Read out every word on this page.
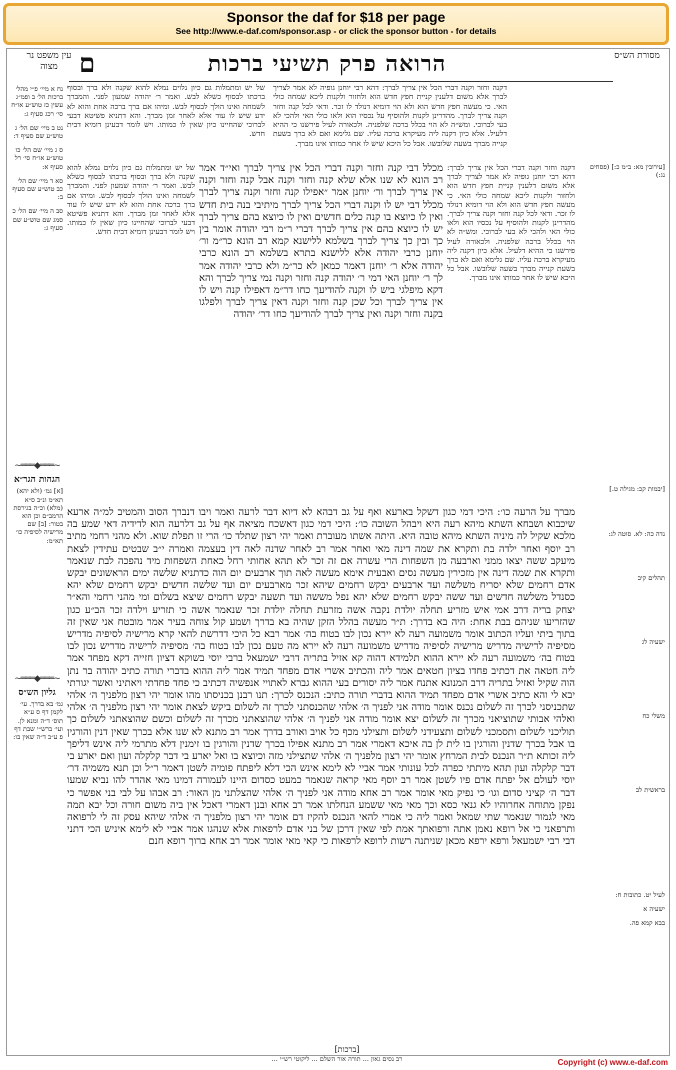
Sponsor the daf for $18 per page
See http://www.e-daf.com/sponsor.asp - or click the sponsor button - for details
עין משפט נר מצוה ם	הרואה פרק תשיעי ברכות	מסורת הש״ס

דקנה וחזר וקנה דברי הכל אין צריך לברך: דהא רבי יוחנן גופיה לא אמר לצריך לברך אלא משום דלענין קניית חפץ חדש הוא ולחזור ולקנות ליכא שמחה כולי האי. כי מעשה חפץ חדש הוא ולא הוי דומיא דנולד לו זכר. ודאי לכל קנה וחזר וקנה צריך לברך. מהדרינן לקנות ולהוסיף על נכסיו הוא ולאו כולי האי ולהכי לא בעי לברוכי. ומש״ה לא הוי בכלל ברכה שלפניה. ולכאורה לעיל פירשנו כי ההיא דלעיל. אלא כיון דקנה ליה מעיקרא ברכה עליו. שם גלימא ואם לא ברך בשעת קנייה מברך בשעה שלובשו. אבל כל היכא שיש לו אחר כמותו אינו מברך.

של יש ומתמלות גם כיון נלוים נמלא להוא שקנה ולא ברך ובסוף ברכתו לבסוף כשלא לבש. ואמר ר׳ יהודה שמעון לפני. והמברך לשמחה ואינו הולך לבסוף לבש. ומיהו אם ברך ברכה אחת והוא לא ידע שיש לו עוד אלא לאחר זמן מברך. והא דתניא פשיטא דבעי לברוכי שהחיינו כיון שאין לו כמותו. ויש לומר דבעינן דומיא דבית חדש.

דקנה וחזר וקנה דברי הכל אין צריך לברך: דהא רבי יוחנן גופיה לא אמר לצריך לברך אלא משום דלענין קניית חפץ חדש הוא ולחזור ולקנות ליכא שמחה כולי האי. כי מעשה חפץ חדש הוא ולא הוי דומיא דנולד לו זכר. ודאי לכל קנה וחזר וקנה צריך לברך. מהדרינן לקנות ולהוסיף על נכסיו הוא ולאו כולי האי ולהכי לא בעי לברוכי. ומש״ה לא הוי בכלל ברכה שלפניה. ולכאורה לעיל פירשנו כי ההיא דלעיל. אלא כיון דקנה ליה מעיקרא ברכה עליו. שם גלימא ואם לא ברך בשעת קנייה מברך בשעה שלובשו. אבל כל היכא שיש לו אחר כמותו אינו מברך.

של יש ומתמלות גם כיון נלוים נמלא להוא שקנה ולא ברך ובסוף ברכתו לבסוף כשלא לבש. ואמר ר׳ יהודה שמעון לפני. והמברך לשמחה ואינו הולך לבסוף לבש. ומיהו אם ברך ברכה אחת והוא לא ידע שיש לו עוד אלא לאחר זמן מברך. והא דתניא פשיטא דבעי לברוכי שהחיינו כיון שאין לו כמותו. ויש לומר דבעינן דומיא דבית חדש.

מכלל דבי קנה וחזר וקנה דברי הכל אין צריך לברך ואי״ד אמר רב הונא לא שנו אלא שלא קנה וחזר וקנה אבל קנה וחזר וקנה אין צריך לברך ור׳ יוחנן אמר ״אפילו קנה וחזר וקנה צריך לברך מכלל דבי יש לו וקנה דברי הכל צריך לברך מיתיבי בנה בית חדש ואין לו כיוצא בו קנה כלים חדשים ואין לו כיוצא בהם צריך לברך יש לו כיוצא בהם אין צריך לברך דברי ר״מ רבי יהודה אומר בין כך ובין כך צריך לברך בשלמא ללישנא קמא רב הונא כר״מ ור׳ יוחנן כרבי יהודה אלא ללישנא בתרא בשלמא רב הונא כרבי יהודה אלא ר׳ יוחנן דאמר כמאן לא כר״מ ולא כרבי יהודה אמר לך ר׳ יוחנן האי דמי ר׳ יהודה קנה וחזר וקנה נמי צריך לברך והא דקא מיפלגי ביש לו וקנה להודיעך כחו דר״מ דאפילו קנה ויש לו אין צריך לברך וכל שכן קנה וחזר וקנה דאין צריך לברך ולפלגו בקנה וחזר וקנה ואין צריך לברך להודיעך כחו דר׳ יהודה

מברך על הרעה כו׳: היכי דמי כגון דשקל בארעא ואף על גב דבהא לא דיוא דבר לרעה ואמר ויבו דנברך הסוב והמטיב למ״ה ארעא שיכבוא ושבחא השתא מיהא רעה היא ויבהל השובה כו׳: היכי דמי כגון דאשכח מציאה אף על גב דלרעה הוא לדידיה דאי שמע בה מלכא שקיל לה מיניה השתא מיהא טובה היא. היתה אשתו מעוברת ואמר יהי רצון שתלד כו׳ הרי זו תפלת שוא. ולא מהני רחמי מתיב רב יוסף ואחר ילדה בת ותקרא את שמה דינה מאי ואחר אמר רב לאחר שדנה לאה דין בעצמה ואמרה י״ב שבטים עתידין לצאת מיעקב ששה יצאו ממני וארבעה מן השפחות הרי עשרה אם זה זכר לא תהא אחותי רחל כאחת השפחות מיד נהפכה לבת שנאמר ותקרא את שמה דינה אין מזכירין מעשה נסים ואבעית אימא מעשה לאה תוך ארבעים יום הוה כדתניא שלשה ימים הראשונים יבקש אדם רחמים שלא יסריח משלשה ועד ארבעים יבקש רחמים שיהא זכר מארבעים יום ועד שלשה חדשים יבקש רחמים שלא יהא כסנדל משלשה חדשים ועד ששה יבקש רחמים שלא יהא נפל מששה ועד תשעה יבקש רחמים שיצא בשלום ומי מהני רחמי והא״ר יצחק בריה דרב אמי איש מזריע תחלה יולדת נקבה אשה מזרעת תחלה יולדת זכר שנאמר אשה כי תזריע וילדה זכר הב״ע כגון שהזריעו שניהם בבת אחת: היה בא בדרך: ת״ר מעשה בהלל הזקן שהיה בא בדרך ושמע קול צוחה בעיר אמר מובטח אני שאין זה בתוך ביתי ועליו הכתוב אומר משמועה רעה לא יירא נכון לבו בטוח בה׳ אמר רבא כל היכי דדרשת להאי קרא מרישיה לסיפיה מדריש מסיפיה לרישיה מדריש מרישיה לסיפיה מדריש משמועה רעה לא יירא מה טעם נכון לבו בטוח בה׳ מסיפיה לרישיה מדריש נכון לבו בטוח בה׳ משמועה רעה לא יירא ההוא תלמידא דהוה קא אזיל בתריה דרבי ישמעאל ברבי יוסי בשוקא דציון חזייה דקא מפחד אמר ליה חטאה את דכתיב פחדו בציון חטאים אמר ליה והכתיב אשרי אדם מפחד תמיד אמר ליה ההוא בדברי תורה כתיב יהודה בר נתן הוה שקיל ואזיל בתריה דרב המנונא אתנח אמר ליה יסורים בעי ההוא גברא לאתויי אנפשיה דכתיב כי פחד פחדתי ויאתיני ואשר יגורתי יבא לי והא כתיב אשרי אדם מפחד תמיד ההוא בדברי תורה כתיב: הנכנס לכרך: תנו רבנן בכניסתו מהו אומר יהי רצון מלפניך ה׳ אלהי שתכניסני לכרך זה לשלום נכנס אומר מודה אני לפניך ה׳ אלהי שהכנסתני לכרך זה לשלום ביקש לצאת אומר יהי רצון מלפניך ה׳ אלהי ואלהי אבותי שתוציאני מכרך זה לשלום יצא אומר מודה אני לפניך ה׳ אלהי שהוצאתני מכרך זה לשלום וכשם שהוצאתני לשלום כך תוליכני לשלום ותסמכני לשלום ותצעידני לשלום ותצילני מכף כל אויב ואורב בדרך אמר רב מתנא לא שנו אלא בכרך שאין דנין והורגין בו אבל בכרך שדנין והורגין בו לית לן בה איכא דאמרי אמר רב מתנא אפילו בכרך שדנין והורגין בו זימנין דלא מתרמי ליה אינש דליפך ליה זכותא ת״ר הנכנס לבית המרחץ אומר יהי רצון מלפניך ה׳ אלהי שתצילני מזה וכיוצא בו ואל יארע בי דבר קלקלה ועון ואם יארע בי דבר קלקלה ועון תהא מיתתי כפרה לכל עונותי אמר אביי לא לימא אינש הכי דלא ליפתח פומיה לשטן דאמר ר״ל וכן תנא משמיה דר׳ יוסי לעולם אל יפתח אדם פיו לשטן אמר רב יוסף מאי קראה שנאמר כמעט כסדום היינו לעמורה דמינו מאי אהדר להו נביא שמעו דבר ה׳ קציני סדום וגו׳ כי נפיק מאי אומר אמר רב אחא מודה אני לפניך ה׳ אלהי שהצלתני מן האור: רב אבהו על לבי בני אפשר כי נפקן מתוחה אחרוהיו לא גנאי כסא וכך מאי מאי ששמע הנחלתו אמר רב אחא ובנן דאמרי דאכל אין ביה משום חורה וכל יבא תמה מאי לגמור שנאמר שתי שמאל ואמר ליה כי אמרי להאי הנכנס להקיז דם אומר יהי רצון מלפניך ה׳ אלהי שיהא עסק זה לי לרפואה ותרפאני כי אל רופא נאמן אתה ורפואתך אמת לפי שאין דרכן של בני אדם לרפאות אלא שנהגו אמר אביי לא לימא איניש הכי דתני דבי רבי ישמעאל ורפא ירפא מכאן שניתנה רשות לרופא לרפאות כי קאי מאי אומר אמר רב אחא ברוך רופא חנם

נח א מיי׳ פ״י מהל׳ ברכות הל׳ ב ופמ״ג עשין כז טוש״ע או״ח סי׳ רכג סעיף ג:

נט ב מיי׳ שם הל׳ ג טוש״ע שם סעיף ד:

ס ג מיי׳ שם הל׳ כו טוש״ע או״ח סי׳ רל סעיף א:

סא ד מיי׳ שם הל׳ כב טוש״ע שם סעיף ב:

סב ה מיי׳ שם הל׳ כ סמג שם טוש״ע שם סעיף ג:

~═══◆═══~
הגהות הגר״א

[א] גמ׳ (ולא יהא) תא״מ ונ״ב ס״א (מלא) וכ״ה בגירסת הרמב״ם וכן הוא בטור: [ב] שם מרישיה לסיפיה כו׳ תא״מ:

~═══◆═══~
גליון הש״ס

גמ׳ בא בדרך. עי׳ לקמן דף ס ע״א תוס׳ ד״ה ומנא לן. ועי׳ ברש״י שבת דף פ ע״ב ד״ה שאין בו:

[עירובין מא: ב״מ כ:] (פסחים נג:)

[יבמות קכ: מגילה ט.]

נדה כה: לא. סוטה לג:

תהלים קיב

ישעיה לג

משלי כח

בראשית לב

לעיל יט. כתובות ח:

ישעיה א

בבא קמא פה.

[ברכות]
רב נסים גאון ... תורה אור השלם ... ליקוטי רש״י ...	Copyright (c) www.e-daf.com
